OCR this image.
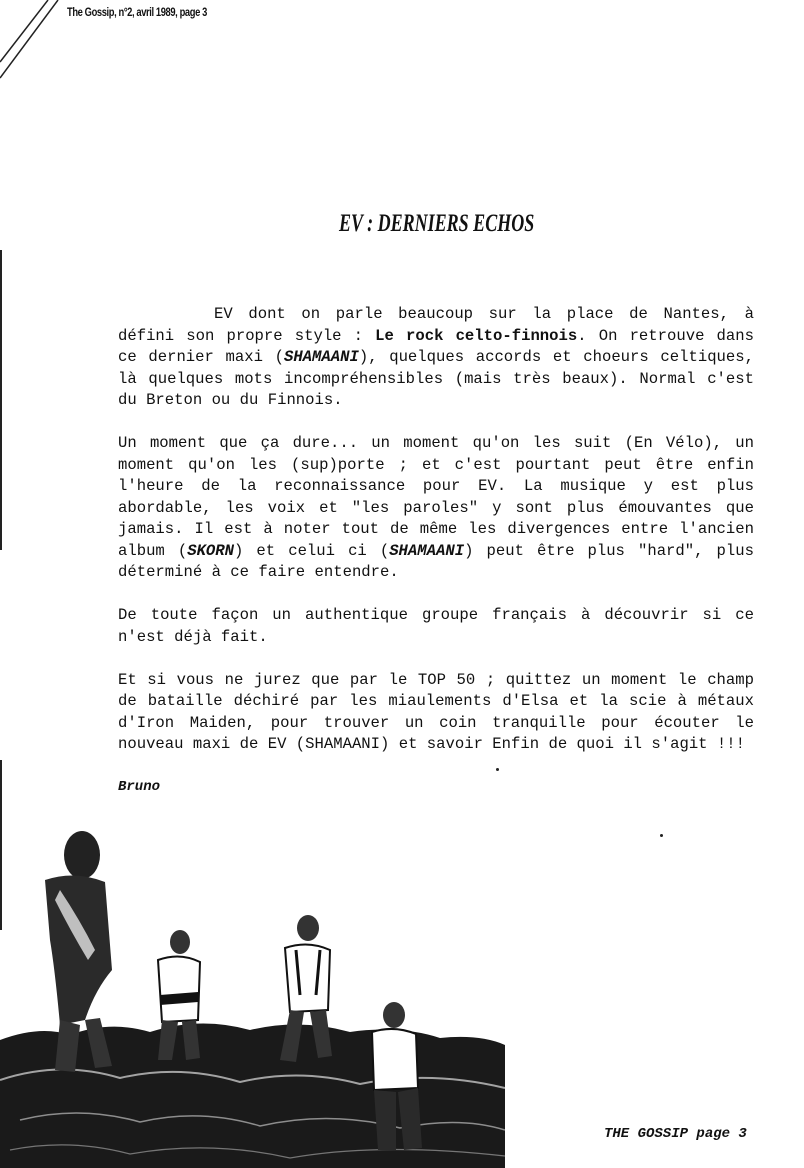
The Gossip, n°2, avril 1989, page 3
EV : DERNIERS ECHOS

EV dont on parle beaucoup sur la place de Nantes, à défini son propre style : Le rock celto-finnois. On retrouve dans ce dernier maxi (SHAMAANI), quelques accords et choeurs celtiques, là quelques mots incompréhensibles (mais très beaux). Normal c'est du Breton ou du Finnois.

Un moment que ça dure... un moment qu'on les suit (En Vélo), un moment qu'on les (sup)porte ; et c'est pourtant peut être enfin l'heure de la reconnaissance pour EV. La musique y est plus abordable, les voix et "les paroles" y sont plus émouvantes que jamais. Il est à noter tout de même les divergences entre l'ancien album (SKORN) et celui ci (SHAMAANI) peut être plus "hard", plus déterminé à ce faire entendre.

De toute façon un authentique groupe français à découvrir si ce n'est déjà fait.

Et si vous ne jurez que par le TOP 50 ; quittez un moment le champ de bataille déchiré par les miaulements d'Elsa et la scie à métaux d'Iron Maiden, pour trouver un coin tranquille pour écouter le nouveau maxi de EV (SHAMAANI) et savoir Enfin de quoi il s'agit !!!

Bruno

THE GOSSIP page 3
